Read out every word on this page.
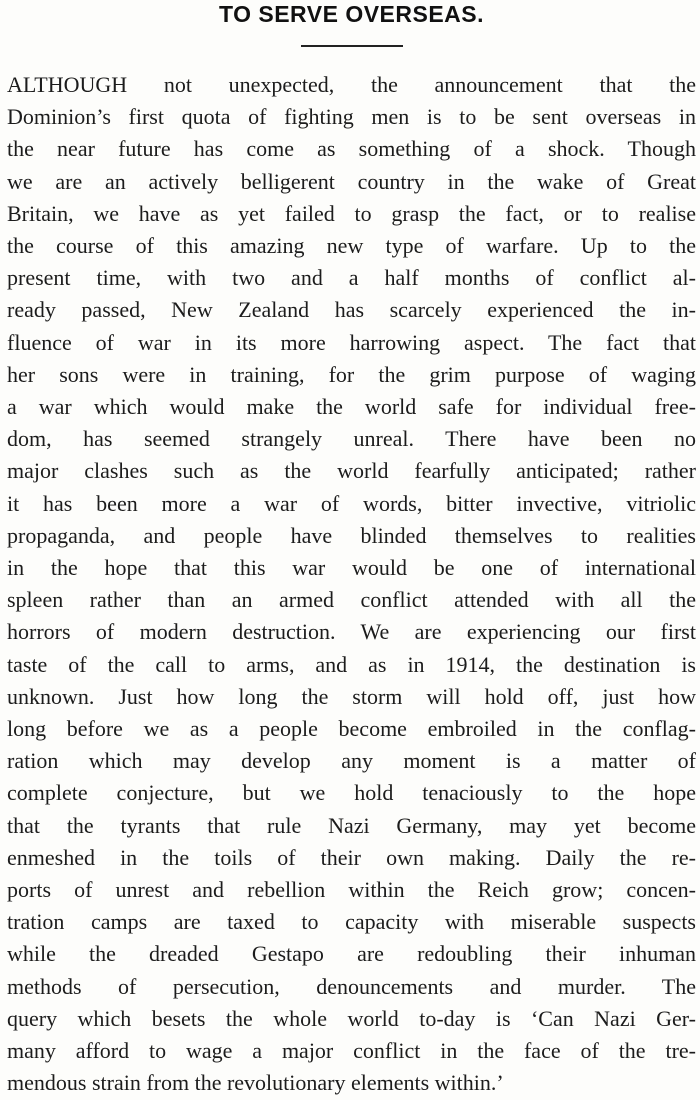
TO SERVE OVERSEAS.

ALTHOUGH not unexpected, the announcement that the
Dominion’s first quota of fighting men is to be sent overseas in
the near future has come as something of a shock. Though
we are an actively belligerent country in the wake of Great
Britain, we have as yet failed to grasp the fact, or to realise
the course of this amazing new type of warfare. Up to the
present time, with two and a half months of conflict al-
ready passed, New Zealand has scarcely experienced the in-
fluence of war in its more harrowing aspect. The fact that
her sons were in training, for the grim purpose of waging
a war which would make the world safe for individual free-
dom, has seemed strangely unreal. There have been no
major clashes such as the world fearfully anticipated; rather
it has been more a war of words, bitter invective, vitriolic
propaganda, and people have blinded themselves to realities
in the hope that this war would be one of international
spleen rather than an armed conflict attended with all the
horrors of modern destruction. We are experiencing our first
taste of the call to arms, and as in 1914, the destination is
unknown. Just how long the storm will hold off, just how
long before we as a people become embroiled in the conflag-
ration which may develop any moment is a matter of
complete conjecture, but we hold tenaciously to the hope
that the tyrants that rule Nazi Germany, may yet become
enmeshed in the toils of their own making. Daily the re-
ports of unrest and rebellion within the Reich grow; concen-
tration camps are taxed to capacity with miserable suspects
while the dreaded Gestapo are redoubling their inhuman
methods of persecution, denouncements and murder. The
query which besets the whole world to-day is ‘Can Nazi Ger-
many afford to wage a major conflict in the face of the tre-
mendous strain from the revolutionary elements within.’
